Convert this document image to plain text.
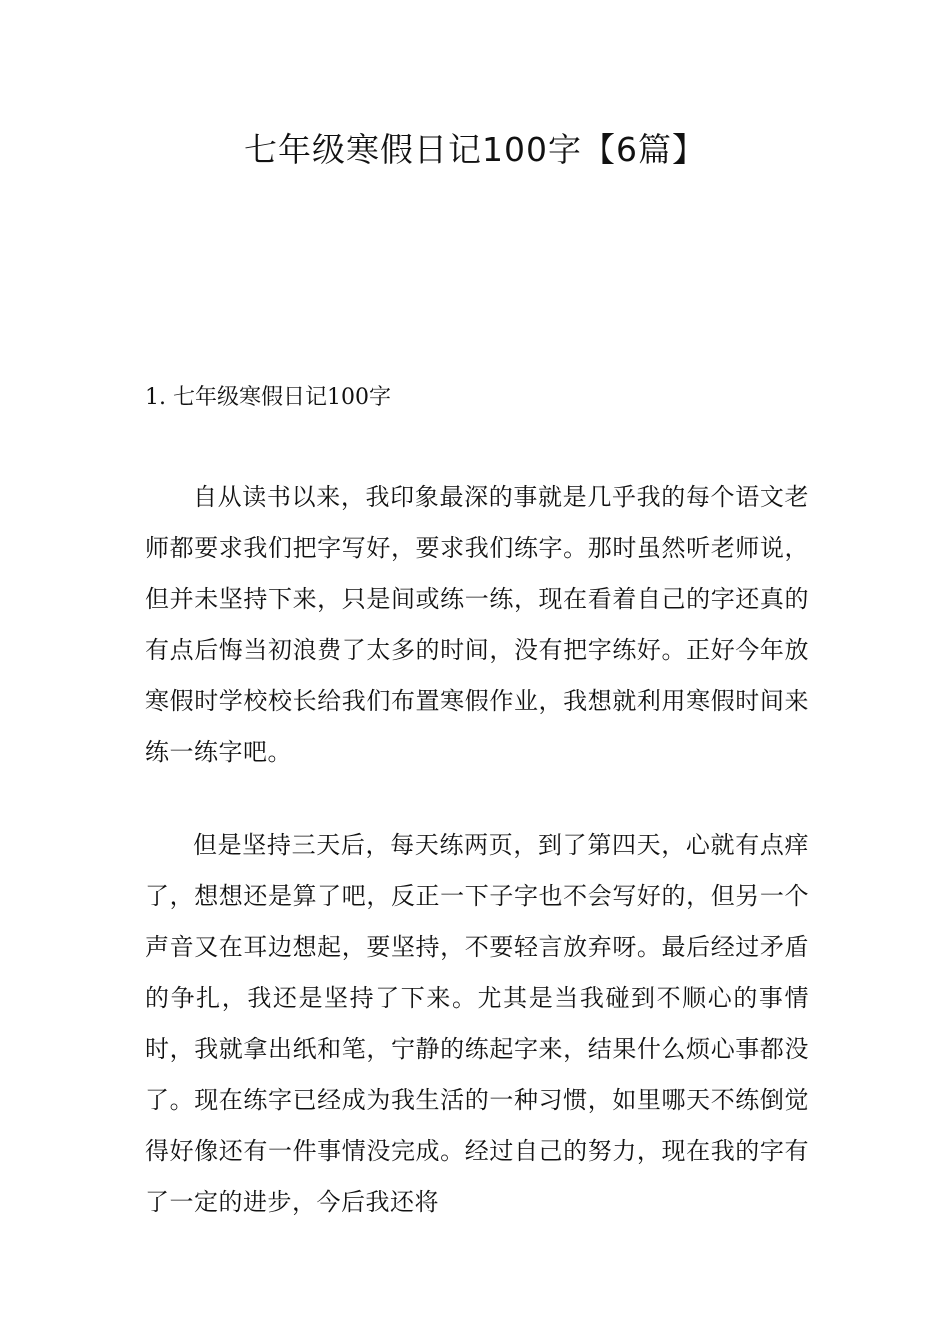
七年级寒假日记100字【6篇】
1. 七年级寒假日记100字

自从读书以来，我印象最深的事就是几乎我的每个语文老师都要求我们把字写好，要求我们练字。那时虽然听老师说，但并未坚持下来，只是间或练一练，现在看着自己的字还真的有点后悔当初浪费了太多的时间，没有把字练好。正好今年放寒假时学校校长给我们布置寒假作业，我想就利用寒假时间来练一练字吧。

但是坚持三天后，每天练两页，到了第四天，心就有点痒了，想想还是算了吧，反正一下子字也不会写好的，但另一个声音又在耳边想起，要坚持，不要轻言放弃呀。最后经过矛盾的争扎，我还是坚持了下来。尤其是当我碰到不顺心的事情时，我就拿出纸和笔，宁静的练起字来，结果什么烦心事都没了。现在练字已经成为我生活的一种习惯，如里哪天不练倒觉得好像还有一件事情没完成。经过自己的努力，现在我的字有了一定的进步，今后我还将
